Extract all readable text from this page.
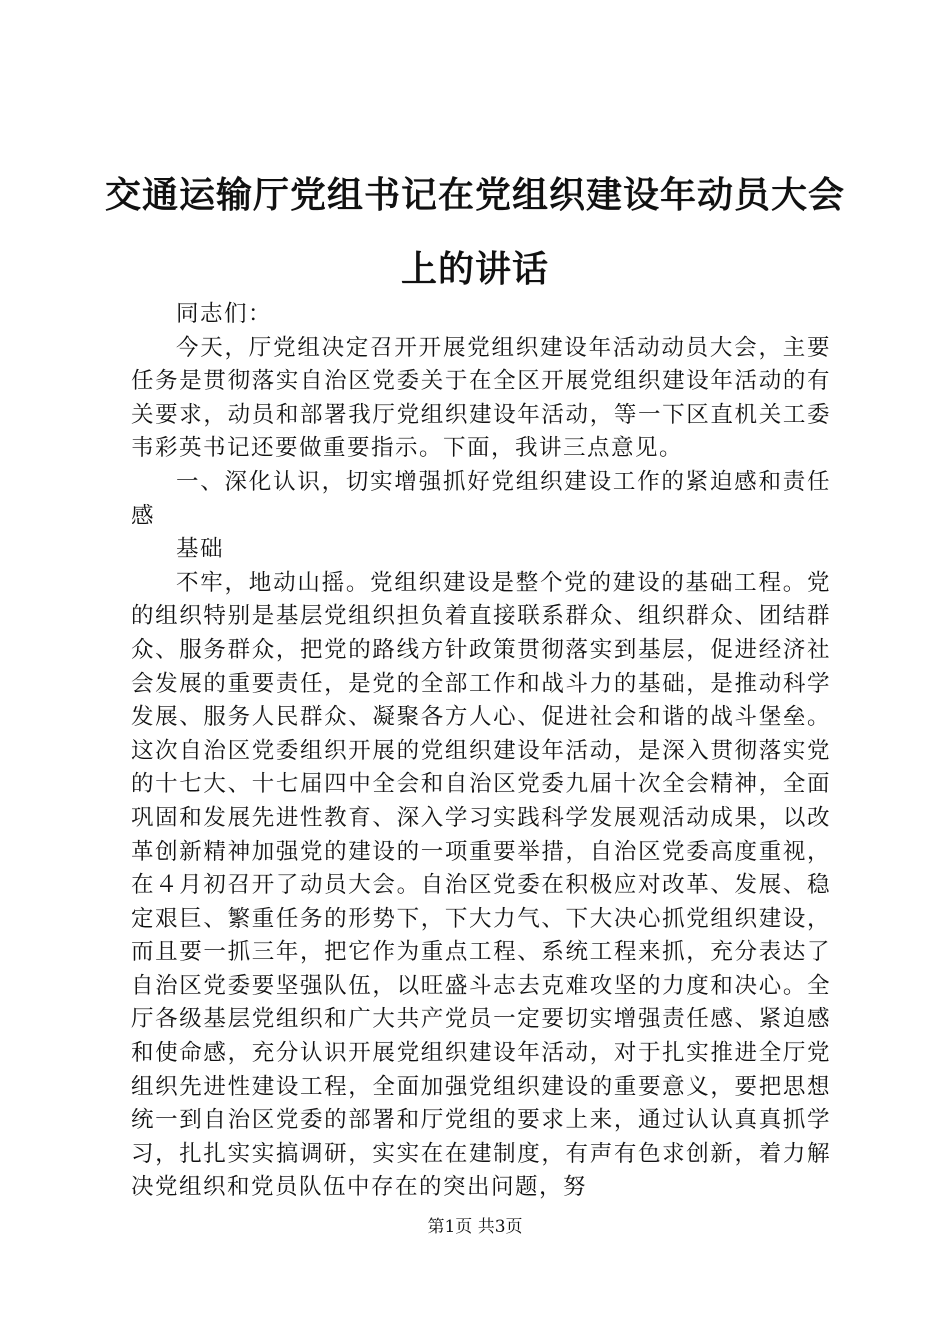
交通运输厅党组书记在党组织建设年动员大会上的讲话

同志们：

今天，厅党组决定召开开展党组织建设年活动动员大会，主要任务是贯彻落实自治区党委关于在全区开展党组织建设年活动的有关要求，动员和部署我厅党组织建设年活动，等一下区直机关工委韦彩英书记还要做重要指示。下面，我讲三点意见。

一、深化认识，切实增强抓好党组织建设工作的紧迫感和责任感

基础

不牢，地动山摇。党组织建设是整个党的建设的基础工程。党的组织特别是基层党组织担负着直接联系群众、组织群众、团结群众、服务群众，把党的路线方针政策贯彻落实到基层，促进经济社会发展的重要责任，是党的全部工作和战斗力的基础，是推动科学发展、服务人民群众、凝聚各方人心、促进社会和谐的战斗堡垒。这次自治区党委组织开展的党组织建设年活动，是深入贯彻落实党的十七大、十七届四中全会和自治区党委九届十次全会精神，全面巩固和发展先进性教育、深入学习实践科学发展观活动成果，以改革创新精神加强党的建设的一项重要举措，自治区党委高度重视，在４月初召开了动员大会。自治区党委在积极应对改革、发展、稳定艰巨、繁重任务的形势下，下大力气、下大决心抓党组织建设，而且要一抓三年，把它作为重点工程、系统工程来抓，充分表达了自治区党委要坚强队伍，以旺盛斗志去克难攻坚的力度和决心。全厅各级基层党组织和广大共产党员一定要切实增强责任感、紧迫感和使命感，充分认识开展党组织建设年活动，对于扎实推进全厅党组织先进性建设工程，全面加强党组织建设的重要意义，要把思想统一到自治区党委的部署和厅党组的要求上来，通过认认真真抓学习，扎扎实实搞调研，实实在在建制度，有声有色求创新，着力解决党组织和党员队伍中存在的突出问题，努

第1页 共3页
